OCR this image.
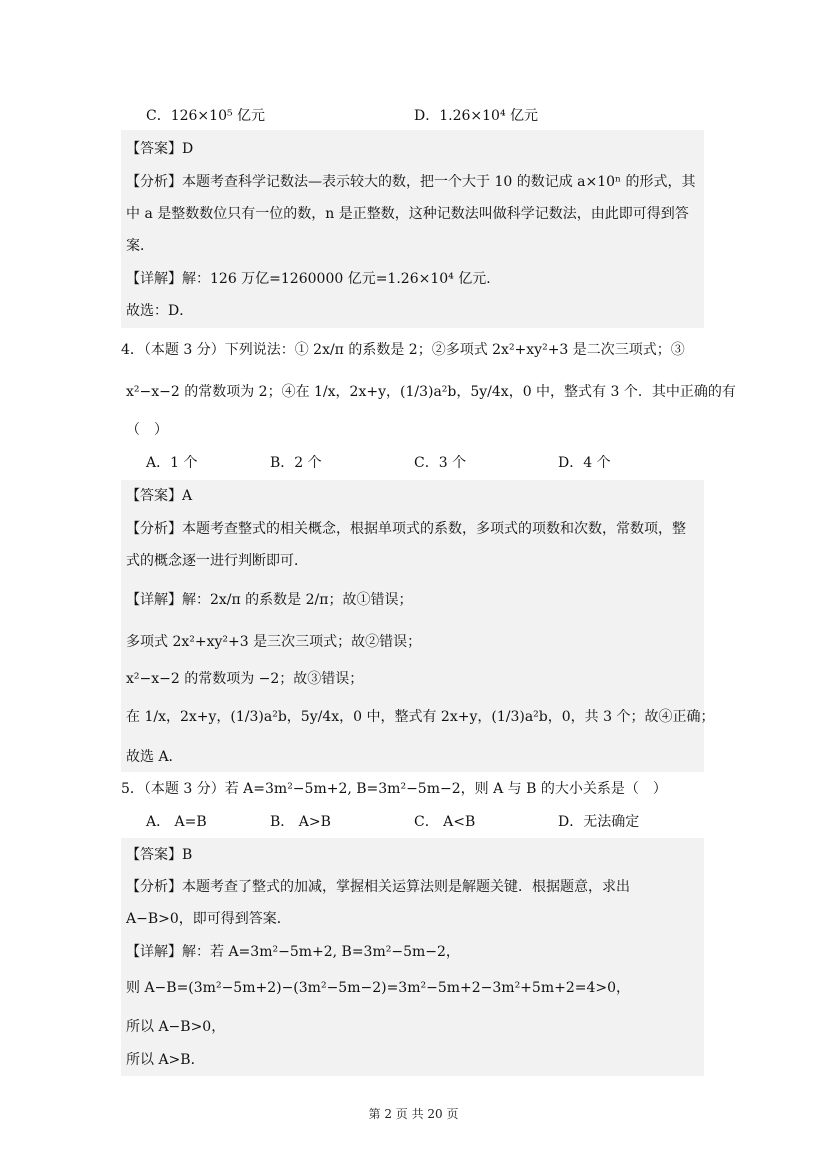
C．126×10⁵ 亿元	D．1.26×10⁴ 亿元
【答案】D
【分析】本题考查科学记数法—表示较大的数，把一个大于 10 的数记成 a×10ⁿ 的形式，其
中 a 是整数数位只有一位的数，n 是正整数，这种记数法叫做科学记数法，由此即可得到答
案．
【详解】解：126 万亿=1260000 亿元=1.26×10⁴ 亿元．
故选：D．
4．（本题 3 分）下列说法：① 2x/π 的系数是 2；②多项式 2x²+xy²+3 是二次三项式；③
x²−x−2 的常数项为 2；④在 1/x，2x+y，(1/3)a²b，5y/4x，0 中，整式有 3 个．其中正确的有
（　）
A．1 个	B．2 个	C．3 个	D．4 个
【答案】A
【分析】本题考查整式的相关概念，根据单项式的系数，多项式的项数和次数，常数项，整
式的概念逐一进行判断即可．
【详解】解：2x/π 的系数是 2/π；故①错误；
多项式 2x²+xy²+3 是三次三项式；故②错误；
x²−x−2 的常数项为 −2；故③错误；
在 1/x，2x+y，(1/3)a²b，5y/4x，0 中，整式有 2x+y，(1/3)a²b，0，共 3 个；故④正确；
故选 A．
5．（本题 3 分）若 A=3m²−5m+2, B=3m²−5m−2，则 A 与 B 的大小关系是（　）
A． A=B	B． A>B	C． A<B	D．无法确定
【答案】B
【分析】本题考查了整式的加减，掌握相关运算法则是解题关键．根据题意，求出
A−B>0，即可得到答案．
【详解】解：若 A=3m²−5m+2, B=3m²−5m−2，
则 A−B=(3m²−5m+2)−(3m²−5m−2)=3m²−5m+2−3m²+5m+2=4>0，
所以 A−B>0，
所以 A>B．
第 2 页 共 20 页
